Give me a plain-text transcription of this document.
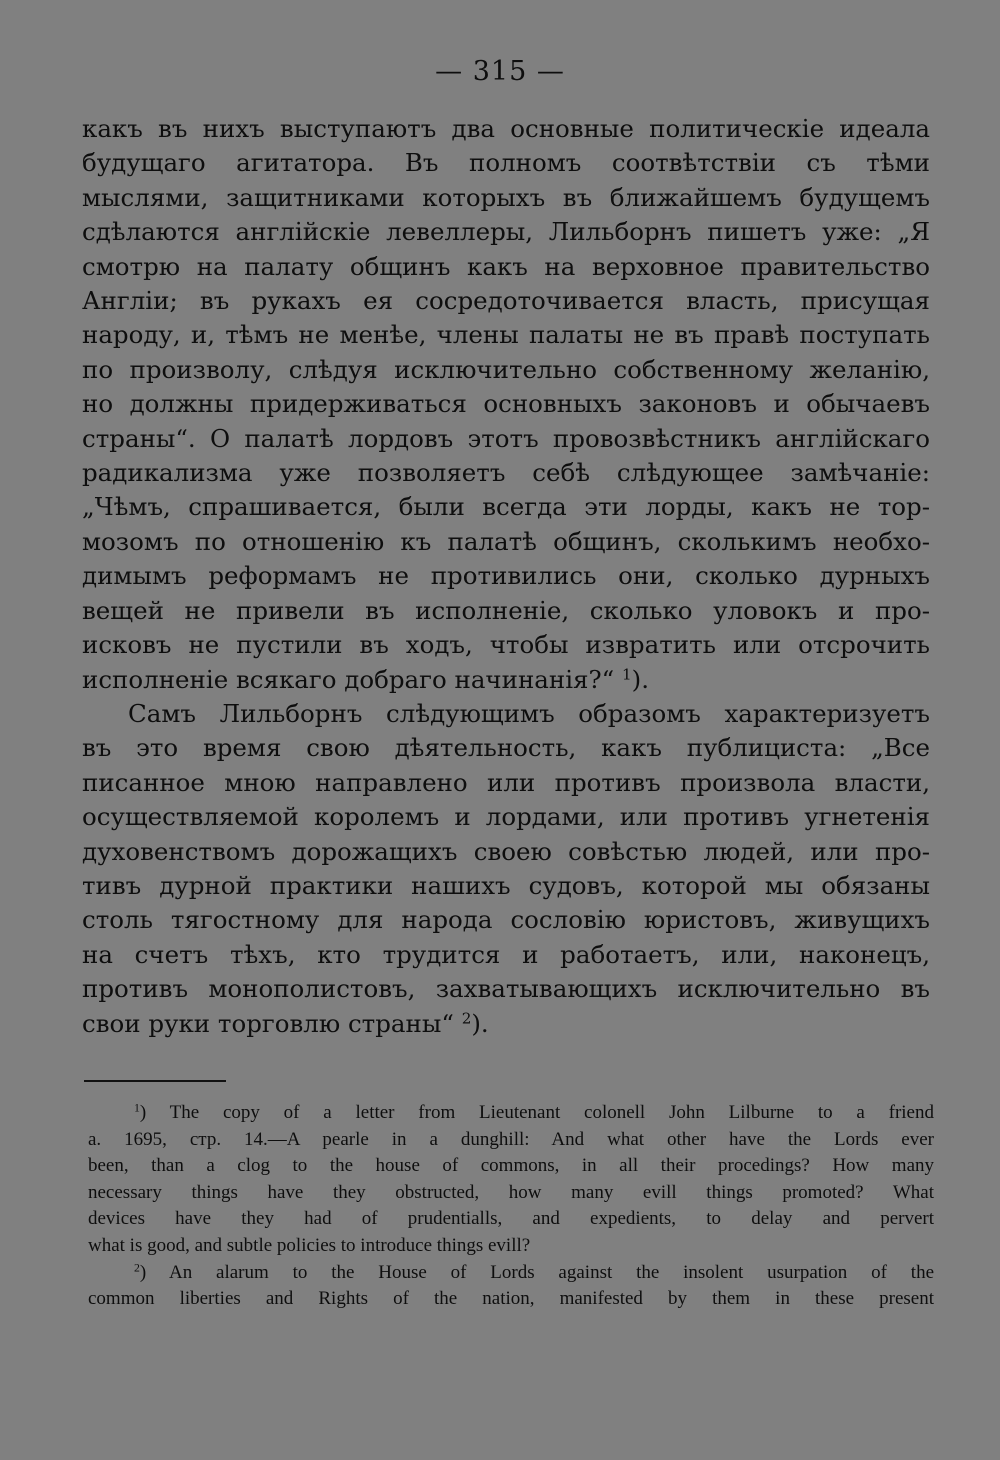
— 315 —

какъ въ нихъ выступаютъ два основные политическіе идеала
будущаго агитатора. Въ полномъ соотвѣтствіи съ тѣми
мыслями, защитниками которыхъ въ ближайшемъ будущемъ
сдѣлаются англійскіе левеллеры, Лильборнъ пишетъ уже: „Я
смотрю на палату общинъ какъ на верховное правительство
Англіи; въ рукахъ ея сосредоточивается власть, присущая
народу, и, тѣмъ не менѣе, члены палаты не въ правѣ поступать
по произволу, слѣдуя исключительно собственному желанію,
но должны придерживаться основныхъ законовъ и обычаевъ
страны“. О палатѣ лордовъ этотъ провозвѣстникъ англійскаго
радикализма уже позволяетъ себѣ слѣдующее замѣчаніе:
„Чѣмъ, спрашивается, были всегда эти лорды, какъ не тор-
мозомъ по отношенію къ палатѣ общинъ, сколькимъ необхо-
димымъ реформамъ не противились они, сколько дурныхъ
вещей не привели въ исполненіе, сколько уловокъ и про-
исковъ не пустили въ ходъ, чтобы извратить или отсрочить
исполненіе всякаго добраго начинанія?“ $^1$).

Самъ Лильборнъ слѣдующимъ образомъ характеризуетъ
въ это время свою дѣятельность, какъ публициста: „Все
писанное мною направлено или противъ произвола власти,
осуществляемой королемъ и лордами, или противъ угнетенія
духовенствомъ дорожащихъ своею совѣстью людей, или про-
тивъ дурной практики нашихъ судовъ, которой мы обязаны
столь тягостному для народа сословію юристовъ, живущихъ
на счетъ тѣхъ, кто трудится и работаетъ, или, наконецъ,
противъ монополистовъ, захватывающихъ исключительно въ
свои руки торговлю страны“ $^2$).

$^1$) The copy of a letter from Lieutenant colonell John Lilburne to a friend
a. 1695, стр. 14.—A pearle in a dunghill: And what other have the Lords ever
been, than a clog to the house of commons, in all their procedings? How many
necessary things have they obstructed, how many evill things promoted? What
devices have they had of prudentialls, and expedients, to delay and pervert
what is good, and subtle policies to introduce things evill?

$^2$) An alarum to the House of Lords against the insolent usurpation of the
common liberties and Rights of the nation, manifested by them in these present
